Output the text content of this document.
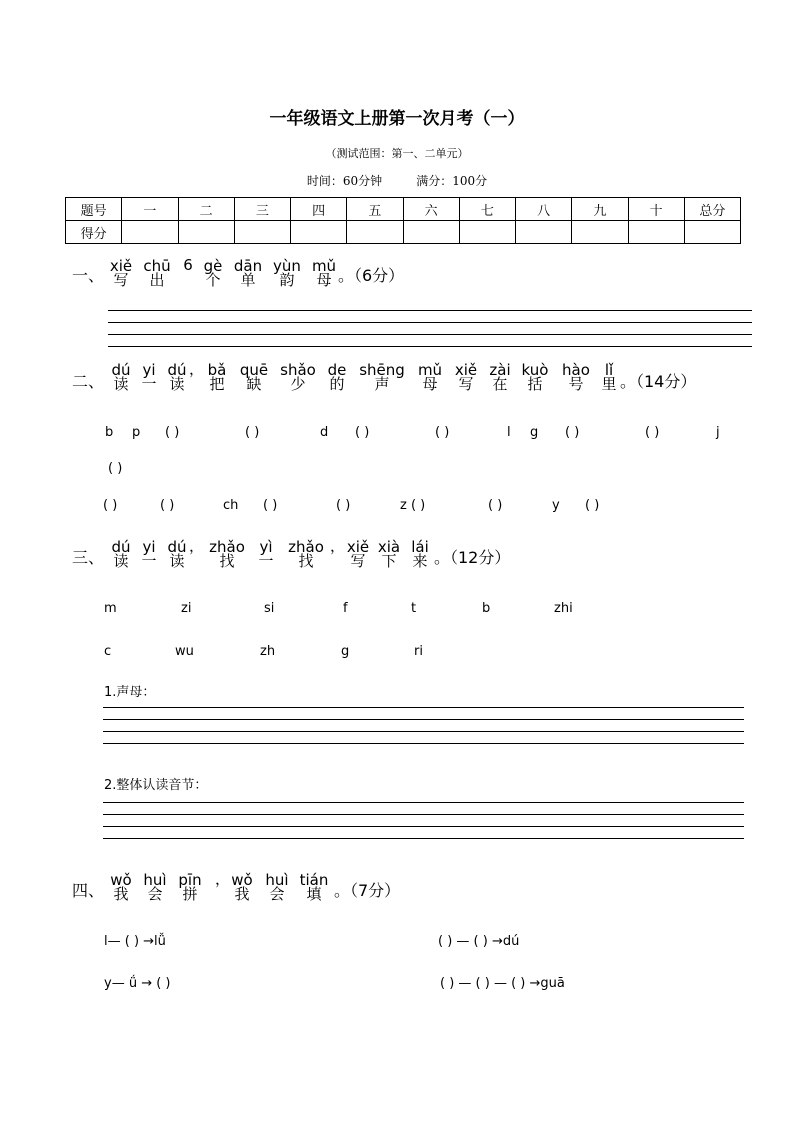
一年级语文上册第一次月考（一）
（测试范围：第一、二单元）
时间：60分钟	满分：100分
题号	一	二	三	四	五	六	七	八	九	十	总分
得分											
一、 xiě
写
chū
出
6 gè
个
dān
单
yùn
韵
mǔ
母 。（6分）
二、
dú
读
yi
一
dú
读
， bǎ
把
quē
缺
shǎo
少
de
的
shēng
声
mǔ
母
xiě
写
zài
在
kuò
括
hào
号
lǐ
里 。（14分）
b p ( )	( )	d ( )	( )	l g ( )	( )	j
( )
( )	( )	ch ( )	( )	z ( )	( )	y ( )
三、
dú
读
yi
一
dú
读
， zhǎo
找
yì
一
zhǎo
找
， xiě
写
xià
下
lái
来 。（12分）
m	zi	si	f	t	b	zhi
c	wu	zh	g	ri
1.声母：
2.整体认读音节：
四、
wǒ
我
huì
会
pīn
拼
， wǒ
我
huì
会
tián
填 。（7分）
l— ( ) →lǚ	( ) — ( ) →dú
y— ǘ → ( )	( ) — ( ) — ( ) →guā
